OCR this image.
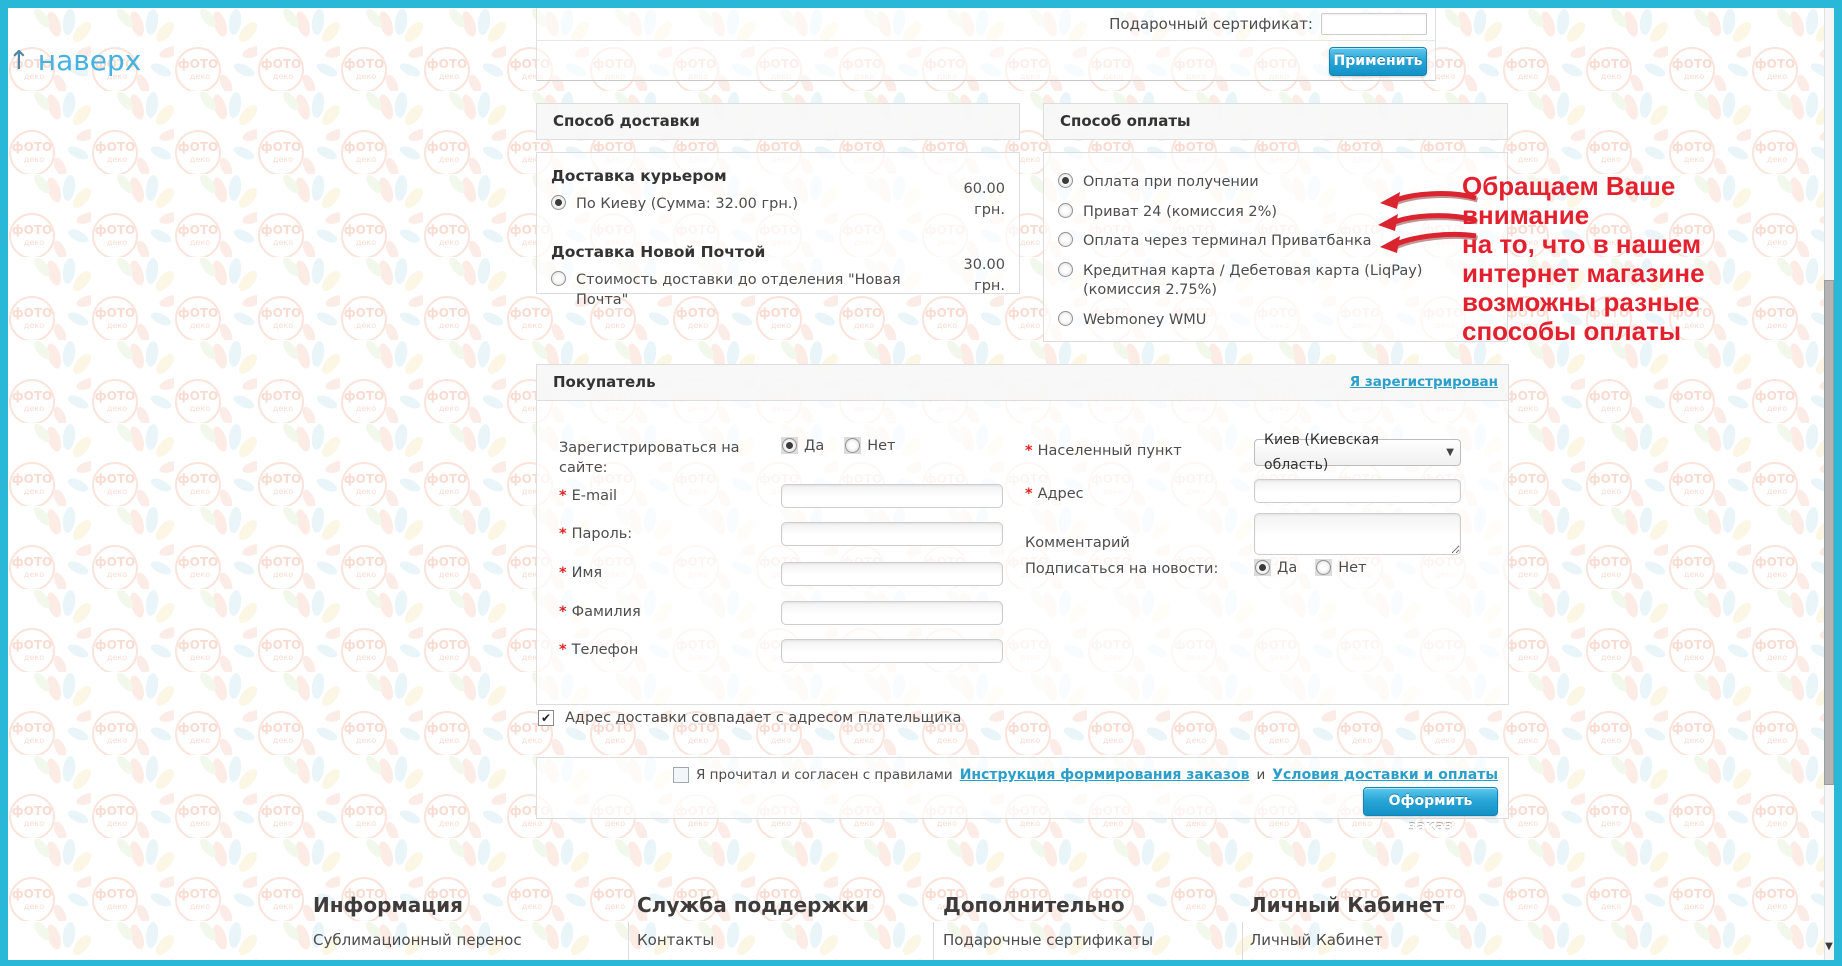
↑ наверх
Подарочный сертификат:
Применить
Способ доставки
Доставка курьером
По Киеву (Сумма: 32.00 грн.)
60.00 грн.
Доставка Новой Почтой
Стоимость доставки до отделения "Новая Почта"
30.00 грн.
Способ оплаты
Оплата при получении
Приват 24 (комиссия 2%)
Оплата через терминал Приватбанка
Кредитная карта / Дебетовая карта (LiqPay) (комиссия 2.75%)
Webmoney WMU
Обращаем Ваше
внимание
на то, что в нашем
интернет магазине
возможны разные
способы оплаты
Покупатель	Я зарегистрирован
Зарегистрироваться на сайте:
Да	Нет
* E-mail
* Пароль:
* Имя
* Фамилия
* Телефон
* Населенный пункт
Киев (Киевская область)
▼
* Адрес
Комментарий
Подписаться на новости:	Да	Нет
✔ Адрес доставки совпадает с адресом плательщика
Я прочитал и согласен с правилами Инструкция формирования заказов и Условия доставки и оплаты
Оформить заказ
Информация	Служба поддержки	Дополнительно	Личный Кабинет
Сублимационный перенос	Контакты	Подарочные сертификаты	Личный Кабинет	▼
